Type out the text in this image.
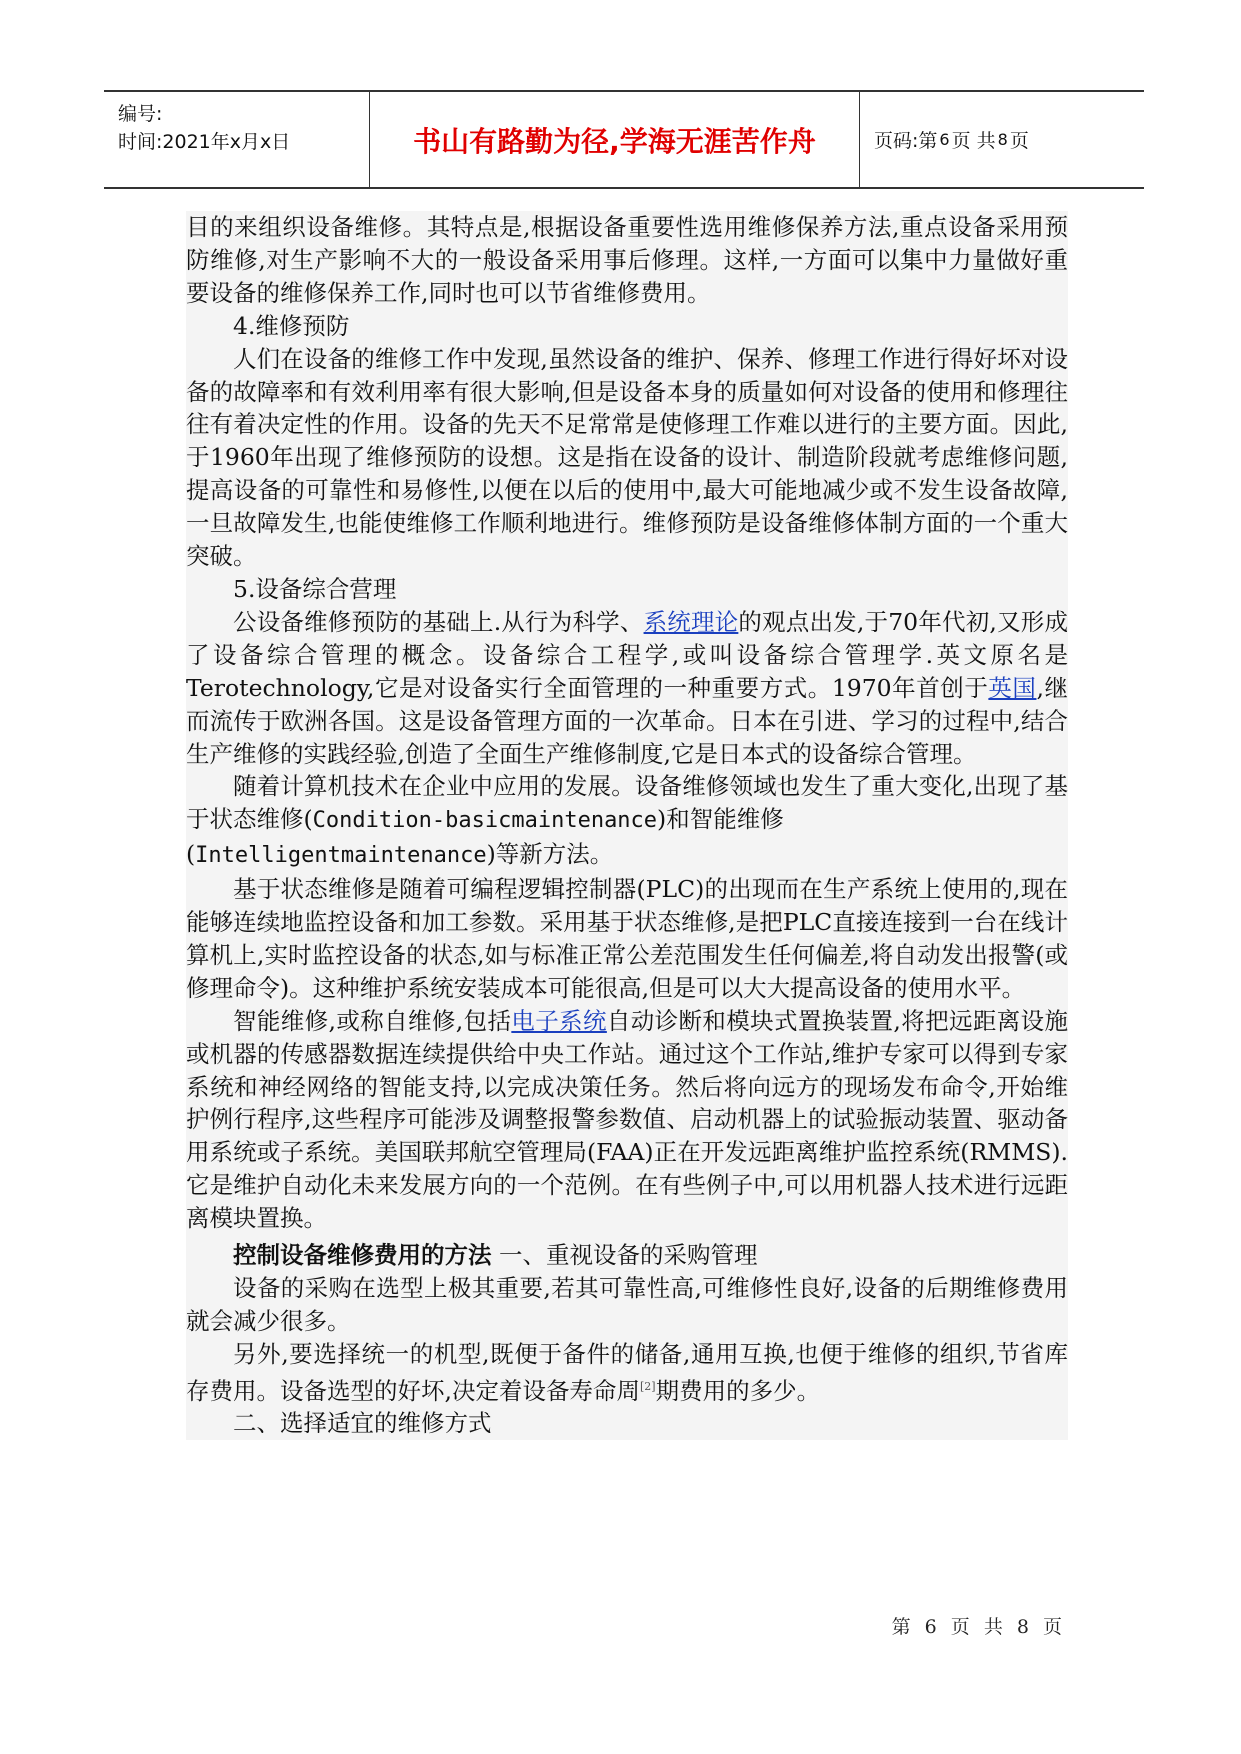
编号:
时间:2021年x月x日	书山有路勤为径,学海无涯苦作舟	页码:第 6 页 共 8 页

目的来组织设备维修。其特点是,根据设备重要性选用维修保养方法,重点设备采用预防维修,对生产影响不大的一般设备采用事后修理。这样,一方面可以集中力量做好重要设备的维修保养工作,同时也可以节省维修费用。

4.维修预防

人们在设备的维修工作中发现,虽然设备的维护、保养、修理工作进行得好坏对设备的故障率和有效利用率有很大影响,但是设备本身的质量如何对设备的使用和修理往往有着决定性的作用。设备的先天不足常常是使修理工作难以进行的主要方面。因此,于1960年出现了维修预防的设想。这是指在设备的设计、制造阶段就考虑维修问题,提高设备的可靠性和易修性,以便在以后的使用中,最大可能地减少或不发生设备故障,一旦故障发生,也能使维修工作顺利地进行。维修预防是设备维修体制方面的一个重大突破。

5.设备综合营理

公设备维修预防的基础上.从行为科学、系统理论的观点出发,于70年代初,又形成了设备综合管理的概念。设备综合工程学,或叫设备综合管理学.英文原名是Terotechnology,它是对设备实行全面管理的一种重要方式。1970年首创于英国,继而流传于欧洲各国。这是设备管理方面的一次革命。日本在引进、学习的过程中,结合生产维修的实践经验,创造了全面生产维修制度,它是日本式的设备综合管理。

随着计算机技术在企业中应用的发展。设备维修领域也发生了重大变化,出现了基于状态维修(Condition-basicmaintenance)和智能维修
(Intelligentmaintenance)等新方法。

基于状态维修是随着可编程逻辑控制器(PLC)的出现而在生产系统上使用的,现在能够连续地监控设备和加工参数。采用基于状态维修,是把PLC直接连接到一台在线计算机上,实时监控设备的状态,如与标准正常公差范围发生任何偏差,将自动发出报警(或修理命令)。这种维护系统安装成本可能很高,但是可以大大提高设备的使用水平。

智能维修,或称自维修,包括电子系统自动诊断和模块式置换装置,将把远距离设施或机器的传感器数据连续提供给中央工作站。通过这个工作站,维护专家可以得到专家系统和神经网络的智能支持,以完成决策任务。然后将向远方的现场发布命令,开始维护例行程序,这些程序可能涉及调整报警参数值、启动机器上的试验振动装置、驱动备用系统或子系统。美国联邦航空管理局(FAA)正在开发远距离维护监控系统(RMMS).它是维护自动化未来发展方向的一个范例。在有些例子中,可以用机器人技术进行远距离模块置换。

控制设备维修费用的方法 一、重视设备的采购管理

设备的采购在选型上极其重要,若其可靠性高,可维修性良好,设备的后期维修费用就会减少很多。

另外,要选择统一的机型,既便于备件的储备,通用互换,也便于维修的组织,节省库存费用。设备选型的好坏,决定着设备寿命周[2]期费用的多少。

二、选择适宜的维修方式

第 6 页 共 8 页
